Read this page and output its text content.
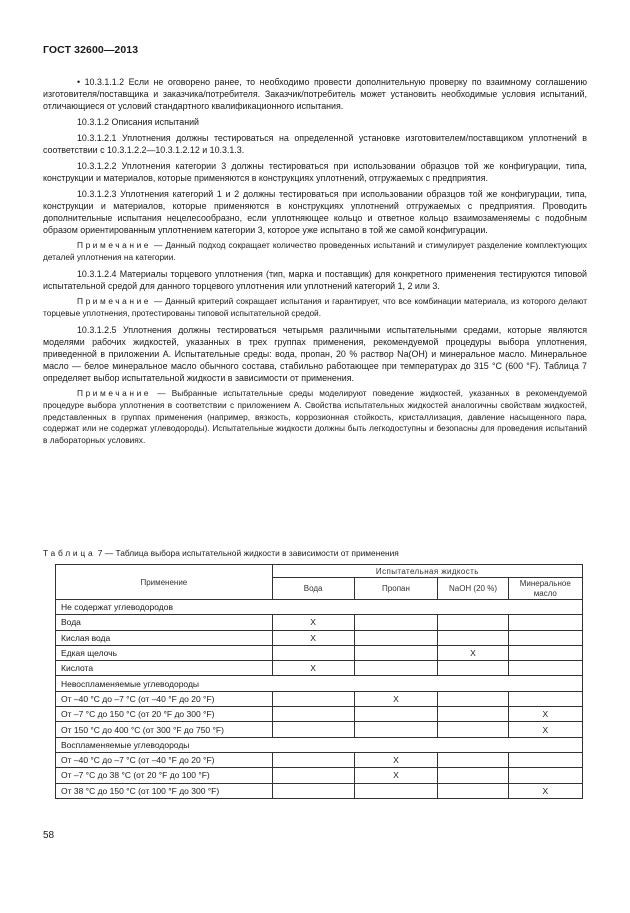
ГОСТ 32600—2013

• 10.3.1.1.2 Если не оговорено ранее, то необходимо провести дополнительную проверку по взаимному соглашению изготовителя/поставщика и заказчика/потребителя. Заказчик/потребитель может установить необходимые условия испытаний, отличающиеся от условий стандартного квалификационного испытания.

10.3.1.2 Описания испытаний

10.3.1.2.1 Уплотнения должны тестироваться на определенной установке изготовителем/поставщиком уплотнений в соответствии с 10.3.1.2.2—10.3.1.2.12 и 10.3.1.3.

10.3.1.2.2 Уплотнения категории 3 должны тестироваться при использовании образцов той же конфигурации, типа, конструкции и материалов, которые применяются в конструкциях уплотнений, отгружаемых с предприятия.

10.3.1.2.3 Уплотнения категорий 1 и 2 должны тестироваться при использовании образцов той же конфигурации, типа, конструкции и материалов, которые применяются в конструкциях уплотнений отгружаемых с предприятия. Проводить дополнительные испытания нецелесообразно, если уплотняющее кольцо и ответное кольцо взаимозаменяемы с подобным образом ориентированным уплотнением категории 3, которое уже испытано в той же самой конфигурации.

Примечание — Данный подход сокращает количество проведенных испытаний и стимулирует разделение комплектующих деталей уплотнения на категории.

10.3.1.2.4 Материалы торцевого уплотнения (тип, марка и поставщик) для конкретного применения тестируются типовой испытательной средой для данного торцевого уплотнения или уплотнений категорий 1, 2 или 3.

Примечание — Данный критерий сокращает испытания и гарантирует, что все комбинации материала, из которого делают торцевые уплотнения, протестированы типовой испытательной средой.

10.3.1.2.5 Уплотнения должны тестироваться четырьмя различными испытательными средами, которые являются моделями рабочих жидкостей, указанных в трех группах применения, рекомендуемой процедуры выбора уплотнения, приведенной в приложении А. Испытательные среды: вода, пропан, 20 % раствор Na(OH) и минеральное масло. Минеральное масло — белое минеральное масло обычного состава, стабильно работающее при температурах до 315 °С (600 °F). Таблица 7 определяет выбор испытательной жидкости в зависимости от применения.

Примечание — Выбранные испытательные среды моделируют поведение жидкостей, указанных в рекомендуемой процедуре выбора уплотнения в соответствии с приложением А. Свойства испытательных жидкостей аналогичны свойствам жидкостей, представленных в группах применения (например, вязкость, коррозионная стойкость, кристаллизация, давление насыщенного пара, содержат или не содержат углеводороды). Испытательные жидкости должны быть легкодоступны и безопасны для проведения испытаний в лабораторных условиях.

Таблица 7 — Таблица выбора испытательной жидкости в зависимости от применения
Применение	Испытательная жидкость			
	Вода	Пропан	NaOH (20 %)	Минеральное масло
Не содержат углеводородов				
Вода	X			
Кислая вода	X			
Едкая щелочь			X	
Кислота	X			
Невоспламеняемые углеводороды				
От –40 °С до –7 °С (от –40 °F до 20 °F)		X		
От –7 °С до 150 °С (от 20 °F до 300 °F)				X
От 150 °С до 400 °С (от 300 °F до 750 °F)				X
Воспламеняемые углеводороды				
От –40 °С до –7 °С (от –40 °F до 20 °F)		X		
От –7 °С до 38 °С (от 20 °F до 100 °F)		X		
От 38 °С до 150 °С (от 100 °F до 300 °F)				X
58
